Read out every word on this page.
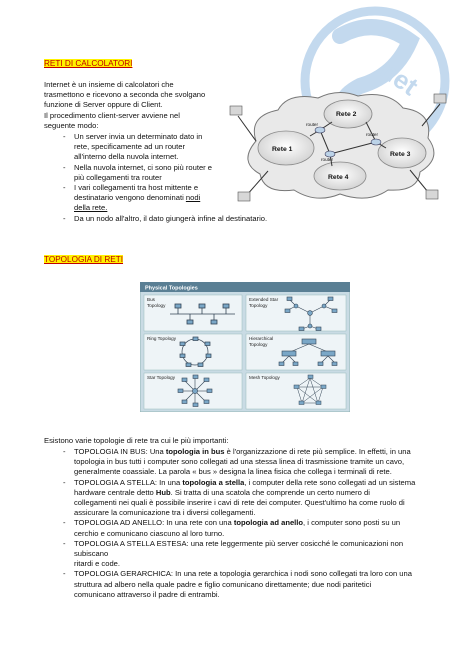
net
RETI DI CALCOLATORI
Internet è un insieme di calcolatori che
trasmettono e ricevono a seconda che svolgano
funzione di Server oppure di Client.
Il procedimento client-server avviene nel
seguente modo:
- Un server invia un determinato dato in
rete, specificamente ad un router
all'interno della nuvola internet.
- Nella nuvola internet, ci sono più router e
più collegamenti tra router
- I vari collegamenti tra host mittente e
destinatario vengono denominati nodi
della rete.
- Da un nodo all'altro, il dato giungerà infine al destinatario.
Rete 1
Rete 2
Rete 3
Rete 4
router
router
router
TOPOLOGIA DI RETI
Physical Topologies
Bus
Topology
Extended Star
Topology
Ring Topology	Hierarchical
Topology
Star Topology	Mesh Topology
Esistono varie topologie di rete tra cui le più importanti:
- TOPOLOGIA IN BUS: Una topologia in bus è l'organizzazione di rete più semplice. In effetti, in una
topologia in bus tutti i computer sono collegati ad una stessa linea di trasmissione tramite un cavo,
generalmente coassiale. La parola « bus » designa la linea fisica che collega i terminali di rete.
- TOPOLOGIA A STELLA: In una topologia a stella, i computer della rete sono collegati ad un sistema
hardware centrale detto Hub. Si tratta di una scatola che comprende un certo numero di
collegamenti nei quali è possibile inserire i cavi di rete dei computer. Quest'ultimo ha come ruolo di
assicurare la comunicazione tra i diversi collegamenti.
- TOPOLOGIA AD ANELLO: In una rete con una topologia ad anello, i computer sono posti su un
cerchio e comunicano ciascuno al loro turno.
- TOPOLOGIA A STELLA ESTESA: una rete leggermente più server cosicché le comunicazioni non subiscano
ritardi e code.
- TOPOLOGIA GERARCHICA: In una rete a topologia gerarchica i nodi sono collegati tra loro con una
struttura ad albero nella quale padre e figlio comunicano direttamente; due nodi paritetici
comunicano attraverso il padre di entrambi.
